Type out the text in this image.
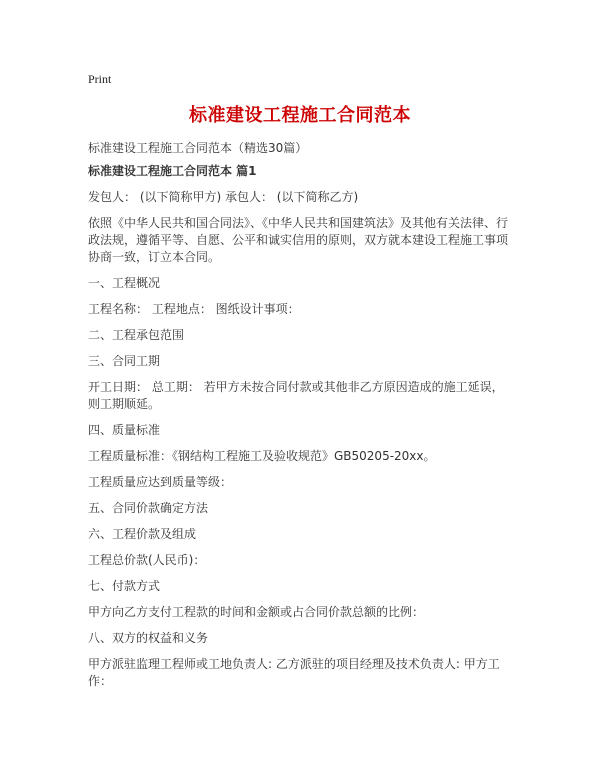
Print
标准建设工程施工合同范本

标准建设工程施工合同范本（精选30篇）

标准建设工程施工合同范本 篇1

发包人： (以下简称甲方) 承包人： (以下简称乙方)

依照《中华人民共和国合同法》、《中华人民共和国建筑法》及其他有关法律、行政法规，遵循平等、自愿、公平和诚实信用的原则，双方就本建设工程施工事项协商一致，订立本合同。

一、工程概况

工程名称： 工程地点： 图纸设计事项：

二、工程承包范围

三、合同工期

开工日期： 总工期： 若甲方未按合同付款或其他非乙方原因造成的施工延误，则工期顺延。

四、质量标准

工程质量标准：《钢结构工程施工及验收规范》GB50205-20xx。

工程质量应达到质量等级：

五、合同价款确定方法

六、工程价款及组成

工程总价款(人民币)：

七、付款方式

甲方向乙方支付工程款的时间和金额或占合同价款总额的比例：

八、双方的权益和义务

甲方派驻监理工程师或工地负责人: 乙方派驻的项目经理及技术负责人: 甲方工作：
